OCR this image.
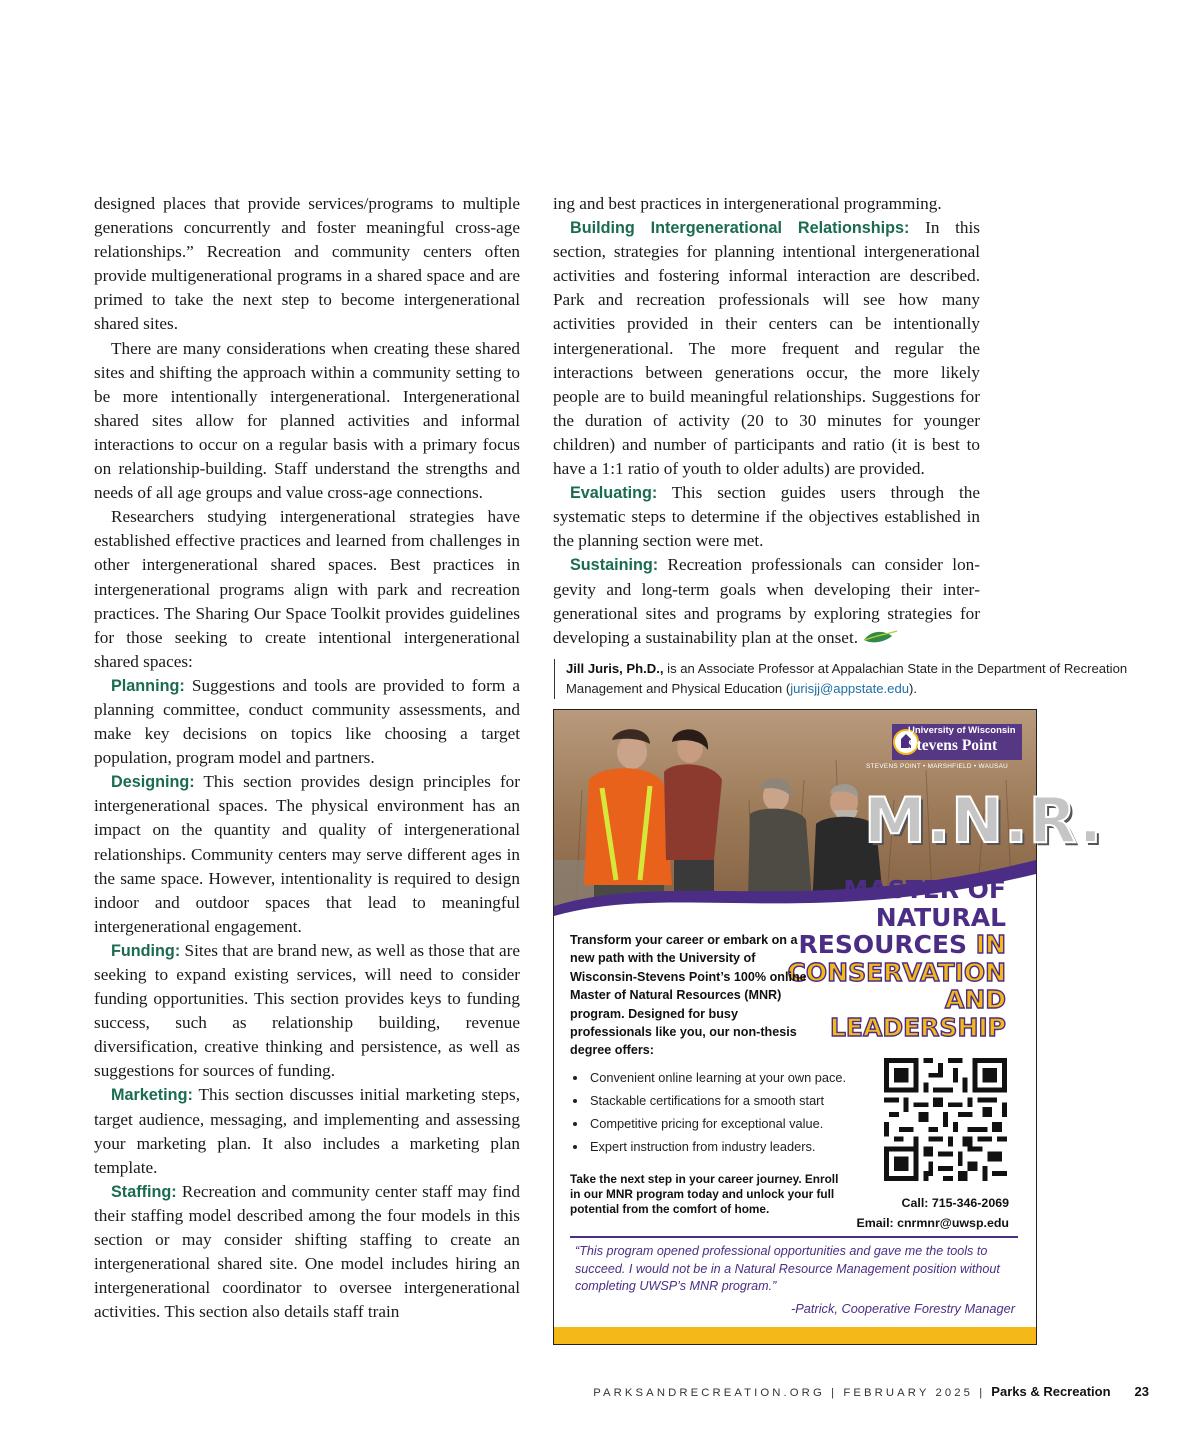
designed places that provide services/programs to multiple generations concurrently and foster meaningful cross-age relationships.” Recreation and community centers often provide multigenerational programs in a shared space and are primed to take the next step to become intergenerational shared sites.

There are many considerations when creating these shared sites and shifting the approach within a community setting to be more intentionally intergenerational. Intergenerational shared sites allow for planned activities and informal interactions to occur on a regular basis with a primary focus on relationship-building. Staff understand the strengths and needs of all age groups and value cross-age connections.

Researchers studying intergenerational strategies have established effective practices and learned from challenges in other intergenerational shared spaces. Best practices in intergenerational programs align with park and recreation practices. The Sharing Our Space Toolkit provides guidelines for those seeking to create intentional intergenerational shared spaces:

Planning: Suggestions and tools are provided to form a planning committee, conduct community assessments, and make key decisions on topics like choosing a target population, program model and partners.

Designing: This section provides design principles for intergenerational spaces. The physical environment has an impact on the quantity and quality of intergenerational relationships. Community centers may serve different ages in the same space. However, intentionality is required to design indoor and outdoor spaces that lead to meaningful intergenerational engagement.

Funding: Sites that are brand new, as well as those that are seeking to expand existing services, will need to consider funding opportunities. This section provides keys to funding success, such as relationship building, revenue diversification, creative thinking and persistence, as well as suggestions for sources of funding.

Marketing: This section discusses initial marketing steps, target audience, messaging, and implementing and assessing your marketing plan. It also includes a marketing plan template.

Staffing: Recreation and community center staff may find their staffing model described among the four models in this section or may consider shifting staffing to create an intergenerational shared site. One model includes hiring an intergenerational coordinator to oversee intergenerational activities. This section also details staff train

ing and best practices in intergenerational programming.

Building Intergenerational Relationships: In this section, strategies for planning intentional intergenerational activities and fostering informal interaction are described. Park and recreation professionals will see how many activities provided in their centers can be intentionally intergenerational. The more frequent and regular the interactions between generations occur, the more likely people are to build meaningful relationships. Suggestions for the duration of activity (20 to 30 minutes for younger children) and number of participants and ratio (it is best to have a 1:1 ratio of youth to older adults) are provided.

Evaluating: This section guides users through the systematic steps to determine if the objectives established in the planning section were met.

Sustaining: Recreation professionals can consider longevity and long-term goals when developing their intergenerational sites and programs by exploring strategies for developing a sustainability plan at the onset.

Jill Juris, Ph.D., is an Associate Professor at Appalachian State in the Department of Recreation Management and Physical Education (jurisjj@appstate.edu).
University of Wisconsin
Stevens Point
STEVENS POINT • MARSHFIELD • WAUSAU
M.N.R.
MASTER OF
NATURAL
RESOURCES IN
CONSERVATION
AND
LEADERSHIP
Transform your career or embark on a new path with the University of Wisconsin-Stevens Point’s 100% online Master of Natural Resources (MNR) program. Designed for busy professionals like you, our non-thesis degree offers:
• Convenient online learning at your own pace.
• Stackable certifications for a smooth start
• Competitive pricing for exceptional value.
• Expert instruction from industry leaders.
Take the next step in your career journey. Enroll in our MNR program today and unlock your full potential from the comfort of home.	Call: 715-346-2069
Email: cnrmnr@uwsp.edu
“This program opened professional opportunities and gave me the tools to succeed. I would not be in a Natural Resource Management position without completing UWSP’s MNR program.”
-Patrick, Cooperative Forestry Manager
PARKSANDRECREATION.ORG | FEBRUARY 2025 | Parks & Recreation 23
